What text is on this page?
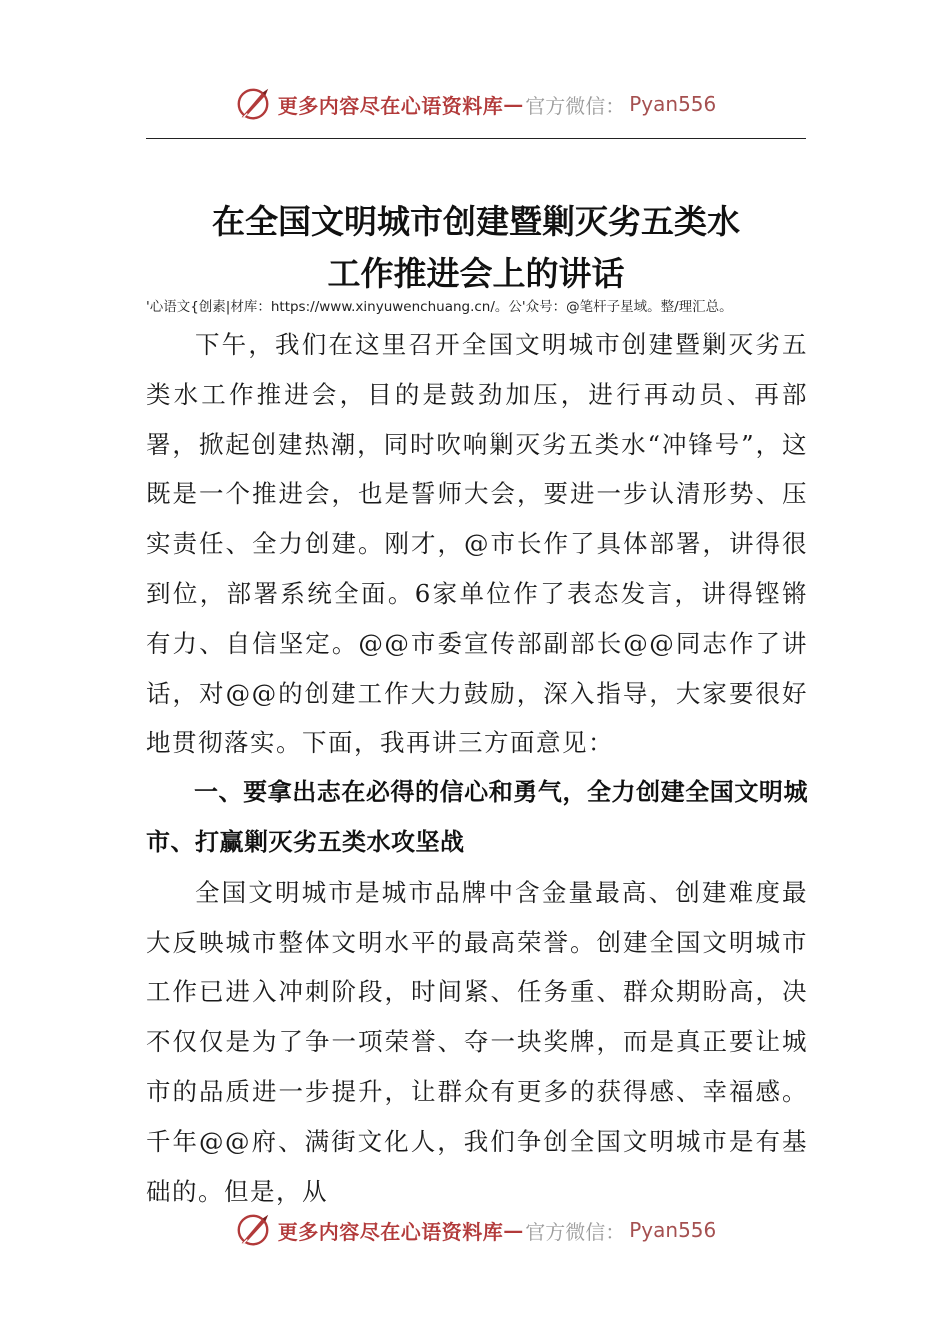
更多内容尽在心语资料库 — 官方微信： Pyan556
在全国文明城市创建暨剿灭劣五类水
工作推进会上的讲话
'心语文{创素|材库：https://www.xinyuwenchuang.cn/。公'众号：@笔杆子星域。整/理汇总。

下午，我们在这里召开全国文明城市创建暨剿灭劣五类水工作推进会，目的是鼓劲加压，进行再动员、再部署，掀起创建热潮，同时吹响剿灭劣五类水“冲锋号”，这既是一个推进会，也是誓师大会，要进一步认清形势、压实责任、全力创建。刚才，@市长作了具体部署，讲得很到位，部署系统全面。6家单位作了表态发言，讲得铿锵有力、自信坚定。@@市委宣传部副部长@@同志作了讲话，对@@的创建工作大力鼓励，深入指导，大家要很好地贯彻落实。下面，我再讲三方面意见：

一、要拿出志在必得的信心和勇气，全力创建全国文明城市、打赢剿灭劣五类水攻坚战

全国文明城市是城市品牌中含金量最高、创建难度最大反映城市整体文明水平的最高荣誉。创建全国文明城市工作已进入冲刺阶段，时间紧、任务重、群众期盼高，决不仅仅是为了争一项荣誉、夺一块奖牌，而是真正要让城市的品质进一步提升，让群众有更多的获得感、幸福感。千年@@府、满街文化人，我们争创全国文明城市是有基础的。但是，从

更多内容尽在心语资料库 — 官方微信： Pyan556
